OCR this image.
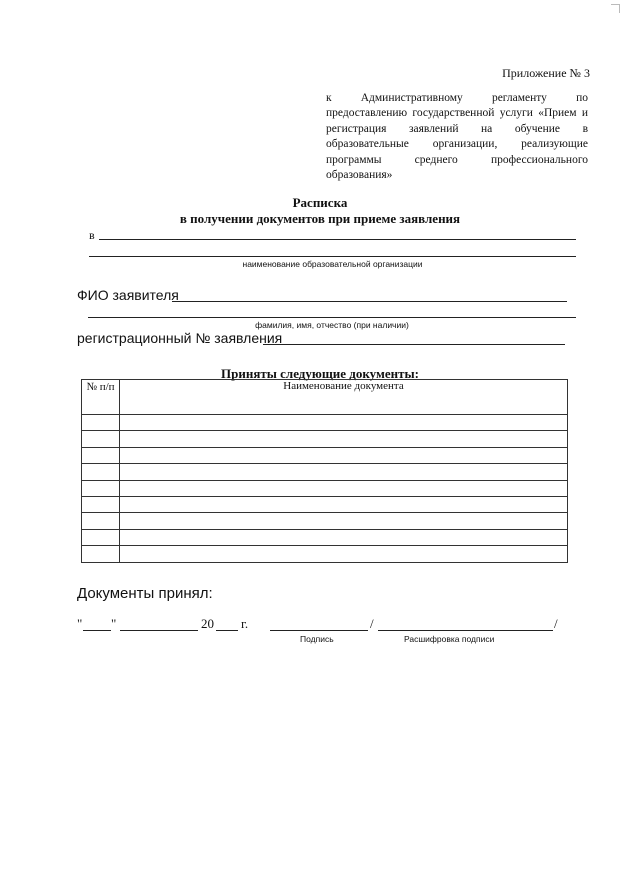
Приложение № 3
к Административному регламенту по предоставлению государственной услуги «Прием и регистрация заявлений на обучение в образовательные организации, реализующие программы среднего профессионального образования»
Расписка
в получении документов при приеме заявления
в
наименование образовательной организации
ФИО заявителя
фамилия, имя, отчество (при наличии)
регистрационный № заявления
Приняты следующие документы:
№ п/п	Наименование документа

Документы принял:
" "	20 г.	/	/
Подпись	Расшифровка подписи
